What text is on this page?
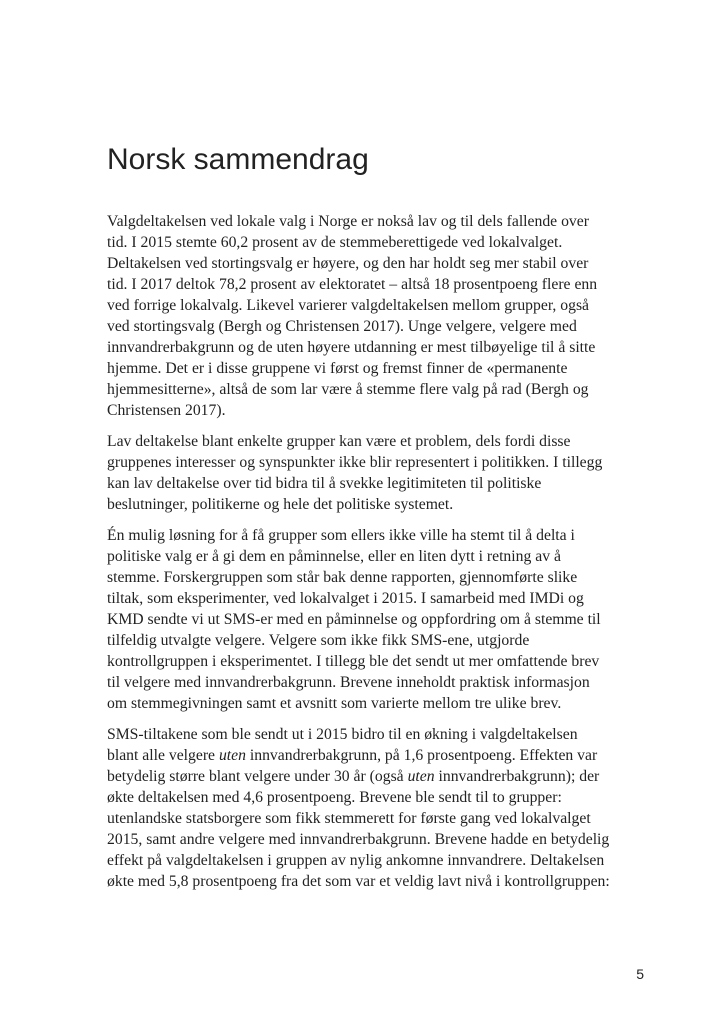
Norsk sammendrag

Valgdeltakelsen ved lokale valg i Norge er nokså lav og til dels fallende over
tid. I 2015 stemte 60,2 prosent av de stemmeberettigede ved lokalvalget.
Deltakelsen ved stortingsvalg er høyere, og den har holdt seg mer stabil over
tid. I 2017 deltok 78,2 prosent av elektoratet – altså 18 prosentpoeng flere enn
ved forrige lokalvalg. Likevel varierer valgdeltakelsen mellom grupper, også
ved stortingsvalg (Bergh og Christensen 2017). Unge velgere, velgere med
innvandrerbakgrunn og de uten høyere utdanning er mest tilbøyelige til å sitte
hjemme. Det er i disse gruppene vi først og fremst finner de «permanente
hjemmesitterne», altså de som lar være å stemme flere valg på rad (Bergh og
Christensen 2017).

Lav deltakelse blant enkelte grupper kan være et problem, dels fordi disse
gruppenes interesser og synspunkter ikke blir representert i politikken. I tillegg
kan lav deltakelse over tid bidra til å svekke legitimiteten til politiske
beslutninger, politikerne og hele det politiske systemet.

Én mulig løsning for å få grupper som ellers ikke ville ha stemt til å delta i
politiske valg er å gi dem en påminnelse, eller en liten dytt i retning av å
stemme. Forskergruppen som står bak denne rapporten, gjennomførte slike
tiltak, som eksperimenter, ved lokalvalget i 2015. I samarbeid med IMDi og
KMD sendte vi ut SMS-er med en påminnelse og oppfordring om å stemme til
tilfeldig utvalgte velgere. Velgere som ikke fikk SMS-ene, utgjorde
kontrollgruppen i eksperimentet. I tillegg ble det sendt ut mer omfattende brev
til velgere med innvandrerbakgrunn. Brevene inneholdt praktisk informasjon
om stemmegivningen samt et avsnitt som varierte mellom tre ulike brev.

SMS-tiltakene som ble sendt ut i 2015 bidro til en økning i valgdeltakelsen
blant alle velgere uten innvandrerbakgrunn, på 1,6 prosentpoeng. Effekten var
betydelig større blant velgere under 30 år (også uten innvandrerbakgrunn); der
økte deltakelsen med 4,6 prosentpoeng. Brevene ble sendt til to grupper:
utenlandske statsborgere som fikk stemmerett for første gang ved lokalvalget
2015, samt andre velgere med innvandrerbakgrunn. Brevene hadde en betydelig
effekt på valgdeltakelsen i gruppen av nylig ankomne innvandrere. Deltakelsen
økte med 5,8 prosentpoeng fra det som var et veldig lavt nivå i kontrollgruppen:

5
